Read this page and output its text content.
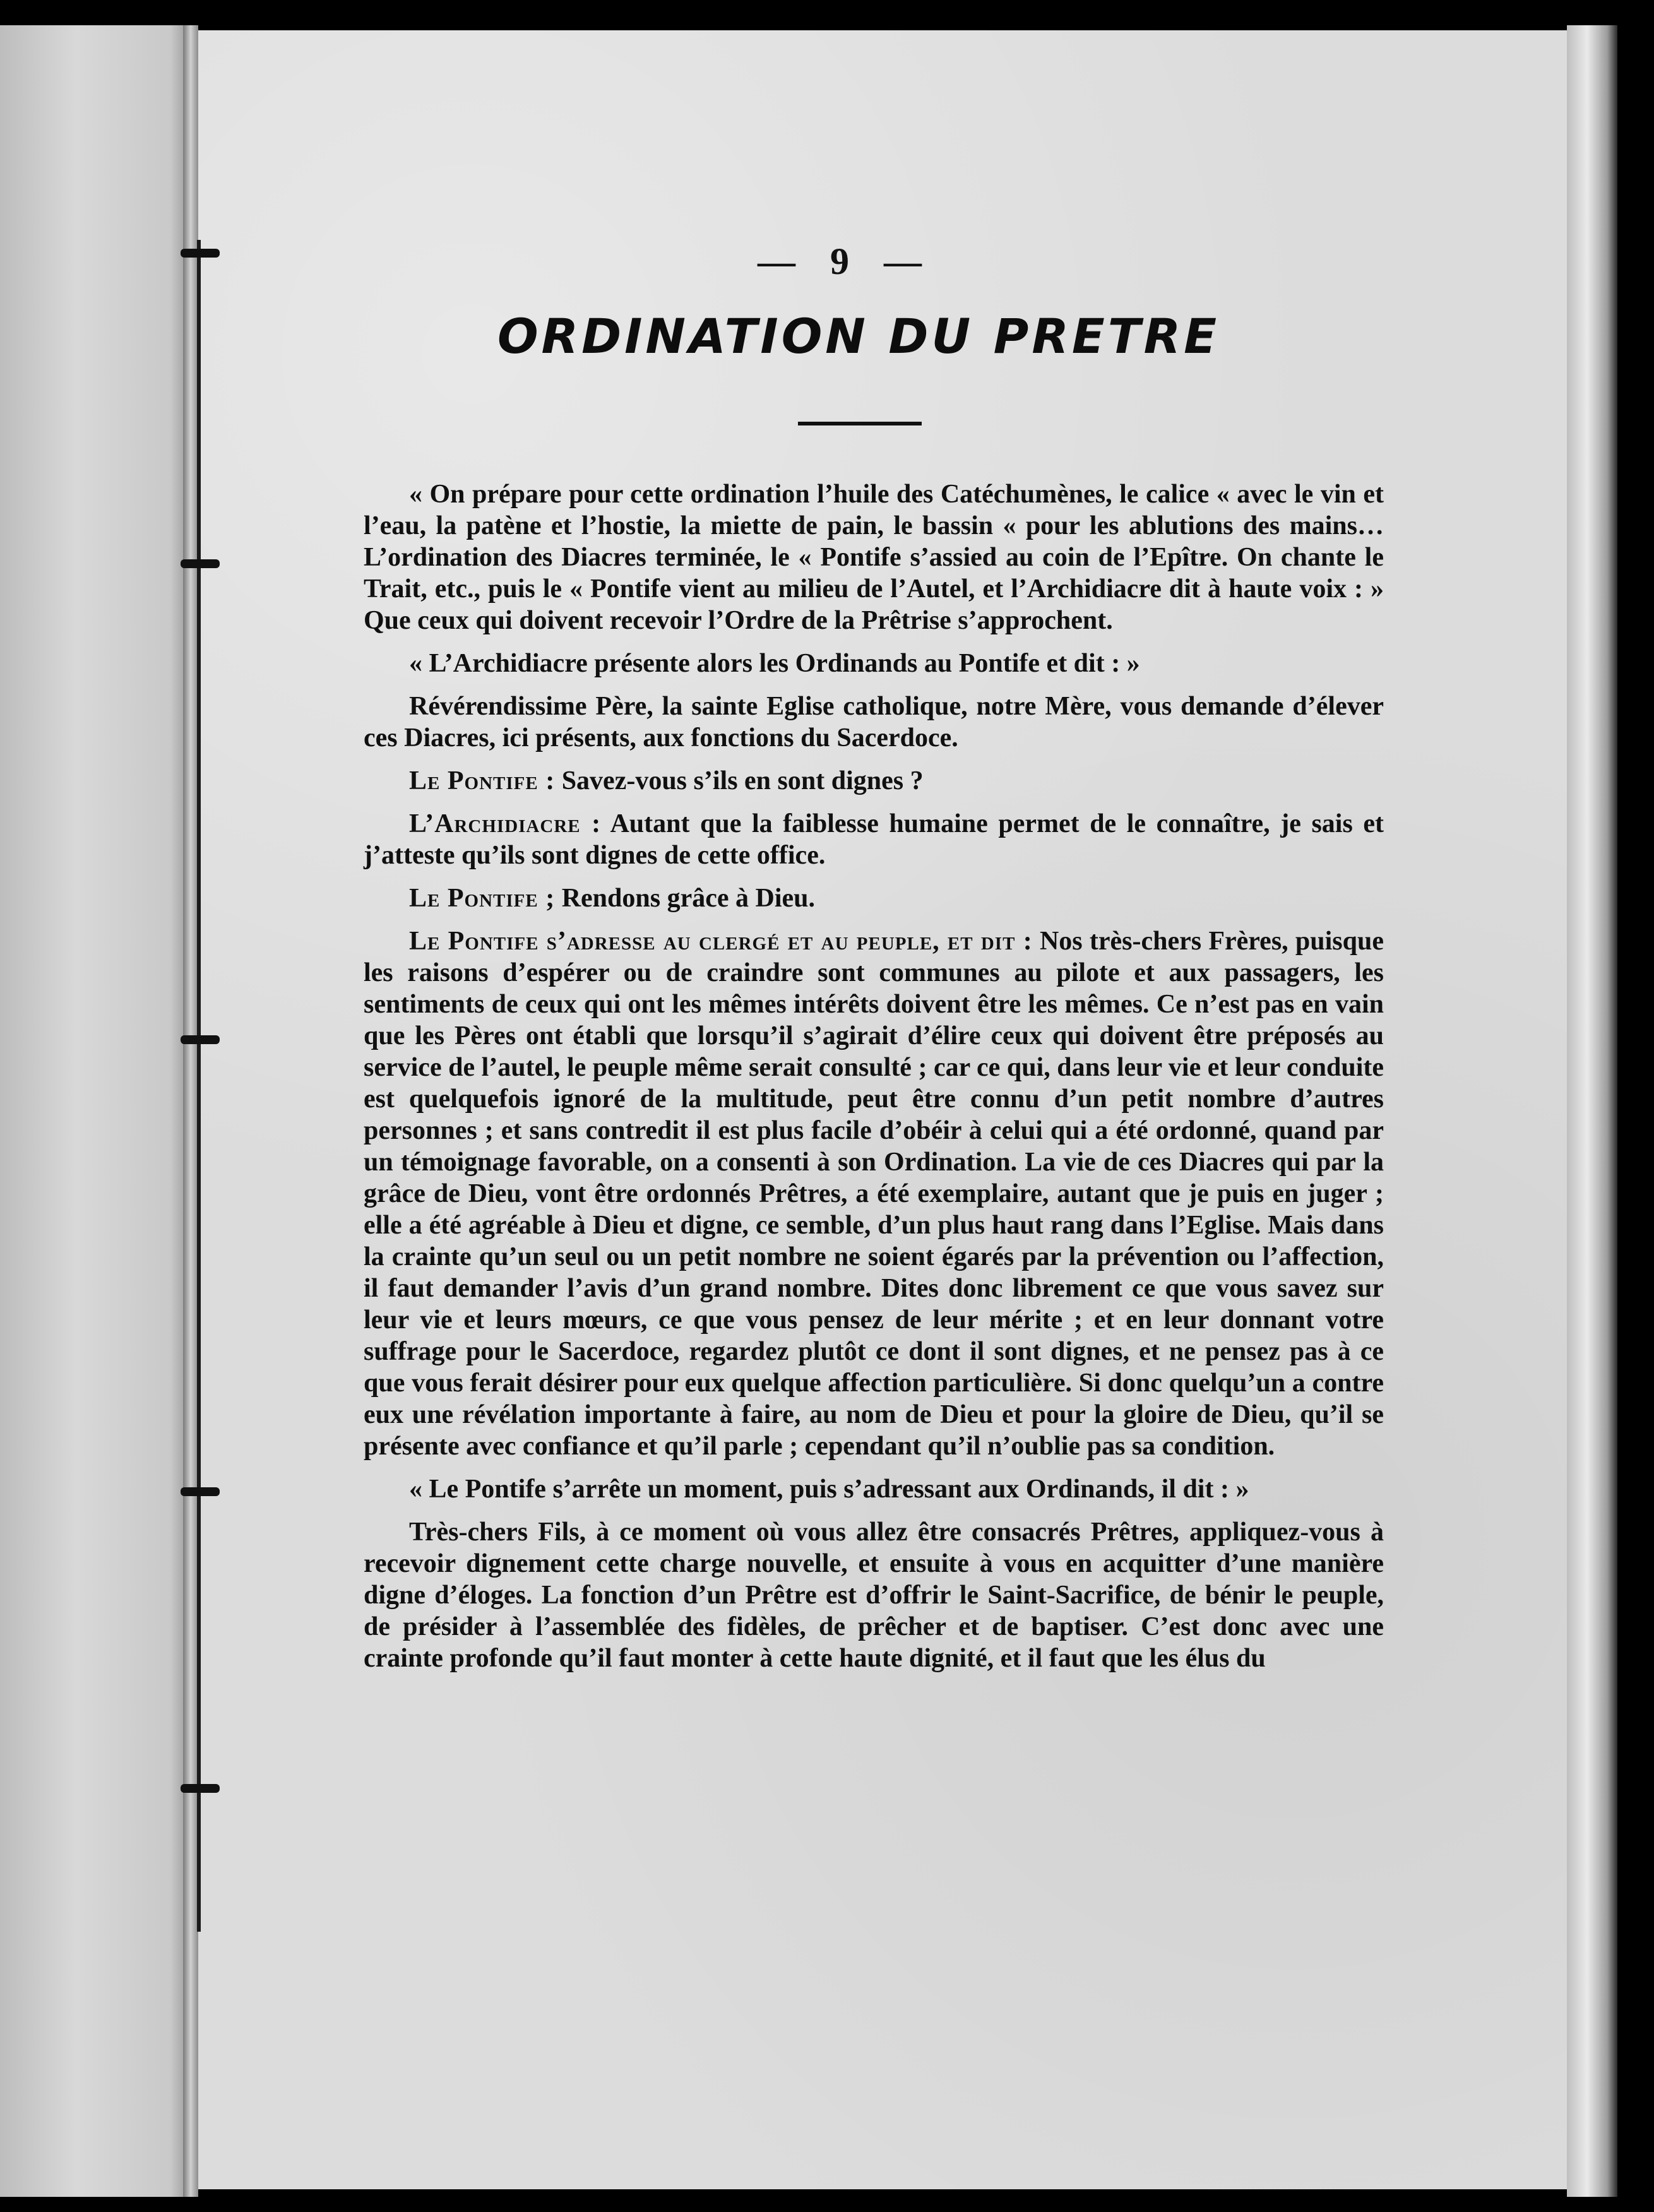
— 9 —
ORDINATION DU PRETRE

« On prépare pour cette ordination l’huile des Catéchumènes, le calice « avec le vin et l’eau, la patène et l’hostie, la miette de pain, le bassin « pour les ablutions des mains… L’ordination des Diacres terminée, le « Pontife s’assied au coin de l’Epître. On chante le Trait, etc., puis le « Pontife vient au milieu de l’Autel, et l’Archidiacre dit à haute voix : » Que ceux qui doivent recevoir l’Ordre de la Prêtrise s’approchent.

« L’Archidiacre présente alors les Ordinands au Pontife et dit : »

Révérendissime Père, la sainte Eglise catholique, notre Mère, vous demande d’élever ces Diacres, ici présents, aux fonctions du Sacerdoce.

Le Pontife : Savez-vous s’ils en sont dignes ?

L’Archidiacre : Autant que la faiblesse humaine permet de le connaître, je sais et j’atteste qu’ils sont dignes de cette office.

Le Pontife ; Rendons grâce à Dieu.

Le Pontife s’adresse au clergé et au peuple, et dit : Nos très-chers Frères, puisque les raisons d’espérer ou de craindre sont communes au pilote et aux passagers, les sentiments de ceux qui ont les mêmes intérêts doivent être les mêmes. Ce n’est pas en vain que les Pères ont établi que lorsqu’il s’agirait d’élire ceux qui doivent être préposés au service de l’autel, le peuple même serait consulté ; car ce qui, dans leur vie et leur conduite est quelquefois ignoré de la multitude, peut être connu d’un petit nombre d’autres personnes ; et sans contredit il est plus facile d’obéir à celui qui a été ordonné, quand par un témoignage favorable, on a consenti à son Ordination. La vie de ces Diacres qui par la grâce de Dieu, vont être ordonnés Prêtres, a été exemplaire, autant que je puis en juger ; elle a été agréable à Dieu et digne, ce semble, d’un plus haut rang dans l’Eglise. Mais dans la crainte qu’un seul ou un petit nombre ne soient égarés par la prévention ou l’affection, il faut demander l’avis d’un grand nombre. Dites donc librement ce que vous savez sur leur vie et leurs mœurs, ce que vous pensez de leur mérite ; et en leur donnant votre suffrage pour le Sacerdoce, regardez plutôt ce dont il sont dignes, et ne pensez pas à ce que vous ferait désirer pour eux quelque affection particulière. Si donc quelqu’un a contre eux une révélation importante à faire, au nom de Dieu et pour la gloire de Dieu, qu’il se présente avec confiance et qu’il parle ; cependant qu’il n’oublie pas sa condition.

« Le Pontife s’arrête un moment, puis s’adressant aux Ordinands, il dit : »

Très-chers Fils, à ce moment où vous allez être consacrés Prêtres, appliquez-vous à recevoir dignement cette charge nouvelle, et ensuite à vous en acquitter d’une manière digne d’éloges. La fonction d’un Prêtre est d’offrir le Saint-Sacrifice, de bénir le peuple, de présider à l’assemblée des fidèles, de prêcher et de baptiser. C’est donc avec une crainte profonde qu’il faut monter à cette haute dignité, et il faut que les élus du
